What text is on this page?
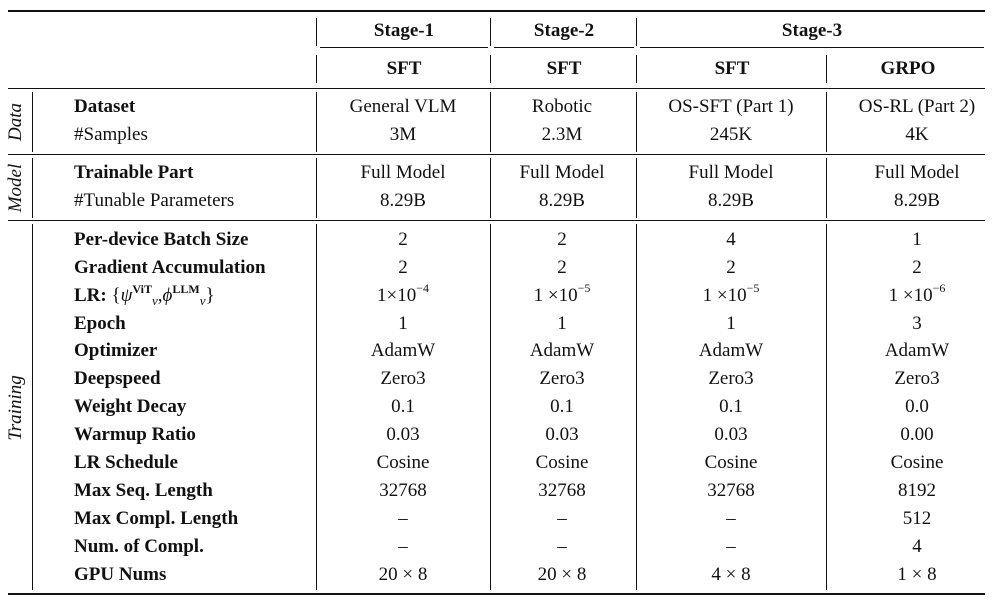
Stage-1	Stage-2	Stage-3
SFT	SFT	SFT	GRPO
Data
Model
Training
Dataset	General VLM	Robotic	OS-SFT (Part 1)	OS-RL (Part 2)
#Samples	3M	2.3M	245K	4K
Trainable Part	Full Model	Full Model	Full Model	Full Model
#Tunable Parameters	8.29B	8.29B	8.29B	8.29B
Per-device Batch Size	2	2	4	1
Gradient Accumulation	2	2	2	2
LR: $\{\psi^{ViT}_v,\phi^{LLM}_v\}$	$1\times 10^{-4}$	$1 \times 10^{-5}$	$1 \times 10^{-5}$	$1 \times 10^{-6}$
Epoch	1	1	1	3
Optimizer	AdamW	AdamW	AdamW	AdamW
Deepspeed	Zero3	Zero3	Zero3	Zero3
Weight Decay	0.1	0.1	0.1	0.0
Warmup Ratio	0.03	0.03	0.03	0.00
LR Schedule	Cosine	Cosine	Cosine	Cosine
Max Seq. Length	32768	32768	32768	8192
Max Compl. Length	–	–	–	512
Num. of Compl.	–	–	–	4
GPU Nums	20 × 8	20 × 8	4 × 8	1 × 8
